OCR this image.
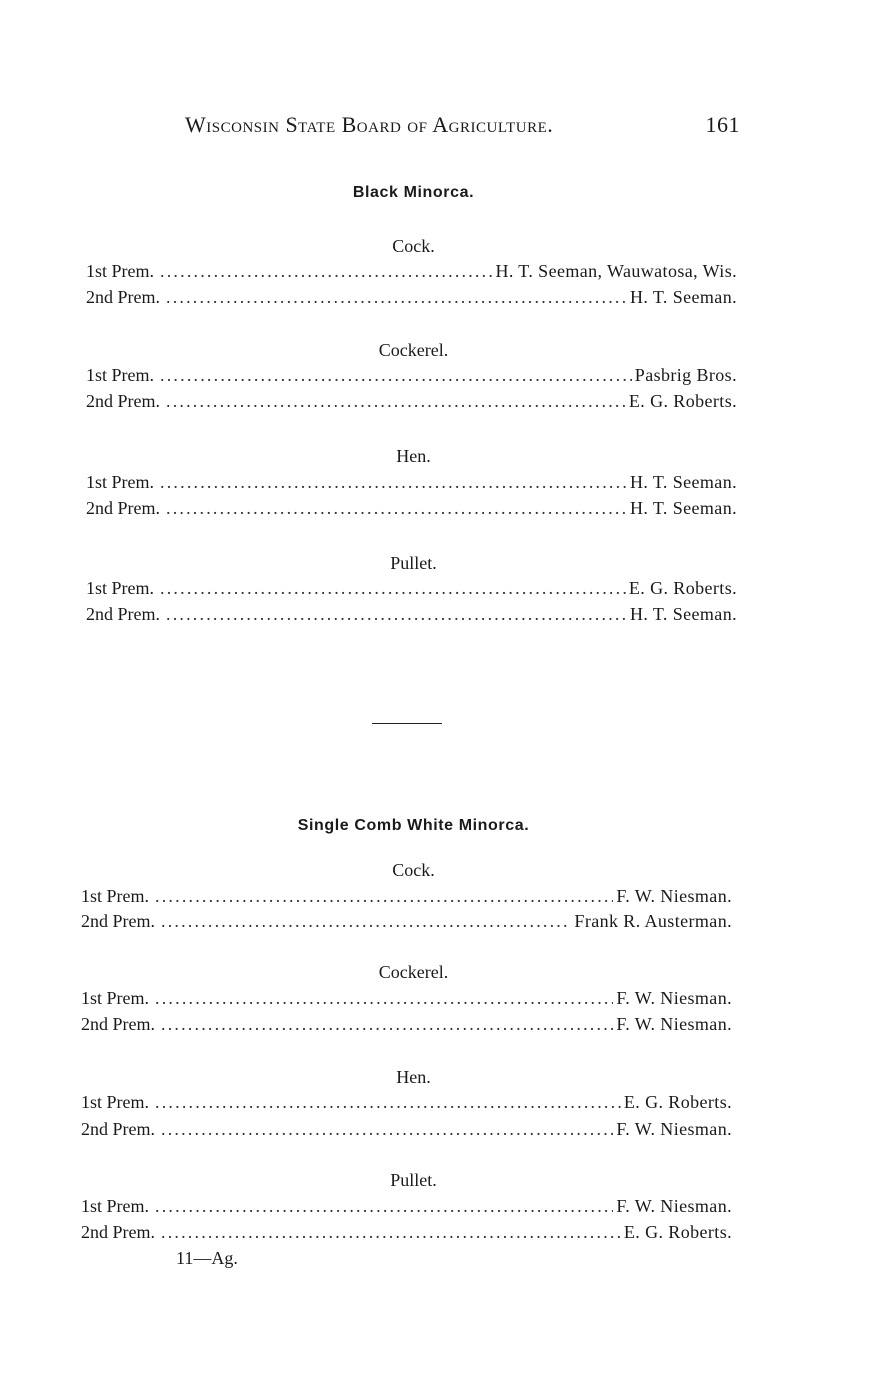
Wisconsin State Board of Agriculture.	161
Black Minorca.
Cock.
1st Prem. .....	H. T. Seeman, Wauwatosa, Wis.
2nd Prem. .....	H. T. Seeman.
Cockerel.
1st Prem. .....	Pasbrig Bros.
2nd Prem. .....	E. G. Roberts.
Hen.
1st Prem. .....	H. T. Seeman.
2nd Prem. .....	H. T. Seeman.
Pullet.
1st Prem. .....	E. G. Roberts.
2nd Prem. .....	H. T. Seeman.
Single Comb White Minorca.
Cock.
1st Prem. .....	F. W. Niesman.
2nd Prem. .....	Frank R. Austerman.
Cockerel.
1st Prem. .....	F. W. Niesman.
2nd Prem. .....	F. W. Niesman.
Hen.
1st Prem. .....	E. G. Roberts.
2nd Prem. .....	F. W. Niesman.
Pullet.
1st Prem. .....	F. W. Niesman.
2nd Prem. .....	E. G. Roberts.
11—Ag.
